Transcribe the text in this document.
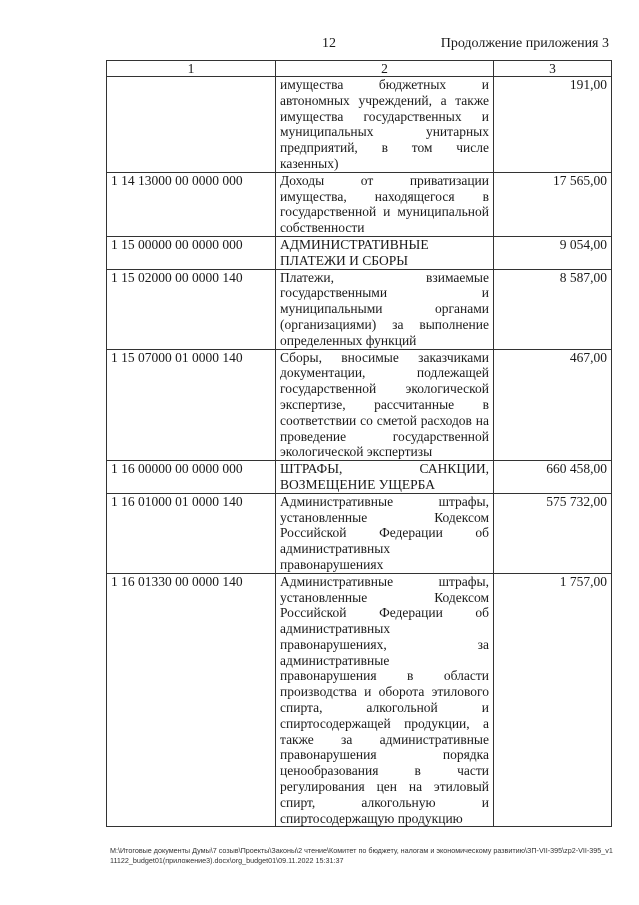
12	Продолжение приложения 3
1	2	3
	имущества бюджетных и автономных учреждений, а также имущества государственных и муниципальных унитарных предприятий, в том числе казенных)	191,00
1 14 13000 00 0000 000	Доходы от приватизации имущества, находящегося в государственной и муниципальной собственности	17 565,00
1 15 00000 00 0000 000	АДМИНИСТРАТИВНЫЕ ПЛАТЕЖИ И СБОРЫ	9 054,00
1 15 02000 00 0000 140	Платежи, взимаемые государственными и муниципальными органами (организациями) за выполнение определенных функций	8 587,00
1 15 07000 01 0000 140	Сборы, вносимые заказчиками документации, подлежащей государственной экологической экспертизе, рассчитанные в соответствии со сметой расходов на проведение государственной экологической экспертизы	467,00
1 16 00000 00 0000 000	ШТРАФЫ, САНКЦИИ, ВОЗМЕЩЕНИЕ УЩЕРБА	660 458,00
1 16 01000 01 0000 140	Административные штрафы, установленные Кодексом Российской Федерации об административных правонарушениях	575 732,00
1 16 01330 00 0000 140	Административные штрафы, установленные Кодексом Российской Федерации об административных правонарушениях, за административные правонарушения в области производства и оборота этилового спирта, алкогольной и спиртосодержащей продукции, а также за административные правонарушения порядка ценообразования в части регулирования цен на этиловый спирт, алкогольную и спиртосодержащую продукцию	1 757,00
M:\Итоговые документы Думы\7 созыв\Проекты\Законы\2 чтение\Комитет по бюджету, налогам и экономическому развитию\ЗП-VII-395\zp2-VII-395_v111122_budget01(приложение3).docx\org_budget01\09.11.2022 15:31:37
